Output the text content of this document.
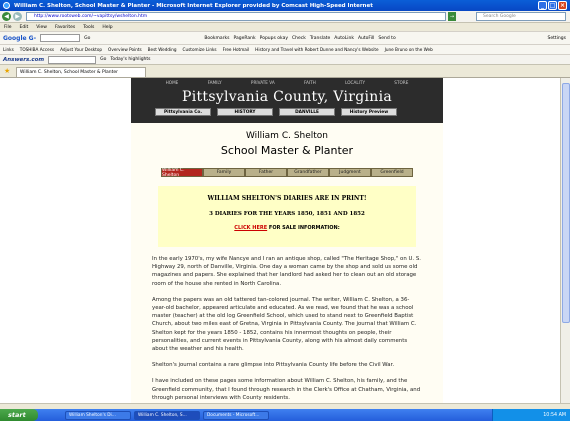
William C. Shelton, School Master & Planter - Microsoft Internet Explorer provided by Comcast High-Speed Internet	_ □ ×
◀	▶	http://www.rootsweb.com/~vapittsy/wshelton.htm	→	Search Google
File Edit View Favorites Tools Help
Google G-	Go	Bookmarks PageRank Popups okay Check Translate AutoLink AutoFill Send to	Settings
Links TOSHIBA Access Adjust Your Desktop Overview Points Best Wedding Customize Links Free Hotmail History and Travel with Robert Dunne and Nancy's Website June Bruno on the Web
Answers.com	Go Today's highlights
★	William C. Shelton, School Master & Planter
HOME	FAMILY	PRIVATE VA	FAITH	LOCALITY	STORE
Pittsylvania County, Virginia
Pittsylvania Co.	HISTORY	DANVILLE	History Preview
William C. Shelton
School Master & Planter
William C. Shelton	Family	Father	Grandfather	Judgment	Greenfield
WILLIAM SHELTON'S DIARIES ARE IN PRINT!
3 DIARIES FOR THE YEARS 1850, 1851 AND 1852
CLICK HERE FOR SALE INFORMATION:

In the early 1970's, my wife Nancye and I ran an antique shop, called "The Heritage Shop," on U. S. Highway 29, north of Danville, Virginia. One day a woman came by the shop and sold us some old magazines and papers. She explained that her landlord had asked her to clean out an old storage room of the house she rented in North Carolina.

Among the papers was an old tattered tan-colored journal. The writer, William C. Shelton, a 36-year-old bachelor, appeared articulate and educated. As we read, we found that he was a school master (teacher) at the old log Greenfield School, which used to stand next to Greenfield Baptist Church, about two miles east of Gretna, Virginia in Pittsylvania County. The journal that William C. Shelton kept for the years 1850 - 1852, contains his innermost thoughts on people, their personalities, and current events in Pittsylvania County, along with his almost daily comments about the weather and his health.

Shelton's journal contains a rare glimpse into Pittsylvania County life before the Civil War.

I have included on these pages some information about William C. Shelton, his family, and the Greenfield community, that I found through research in the Clerk's Office at Chatham, Virginia, and through personal interviews with County residents.

start	William Shelton's Di...	William C. Shelton, S...	Documents - Microsoft...	10:54 AM
